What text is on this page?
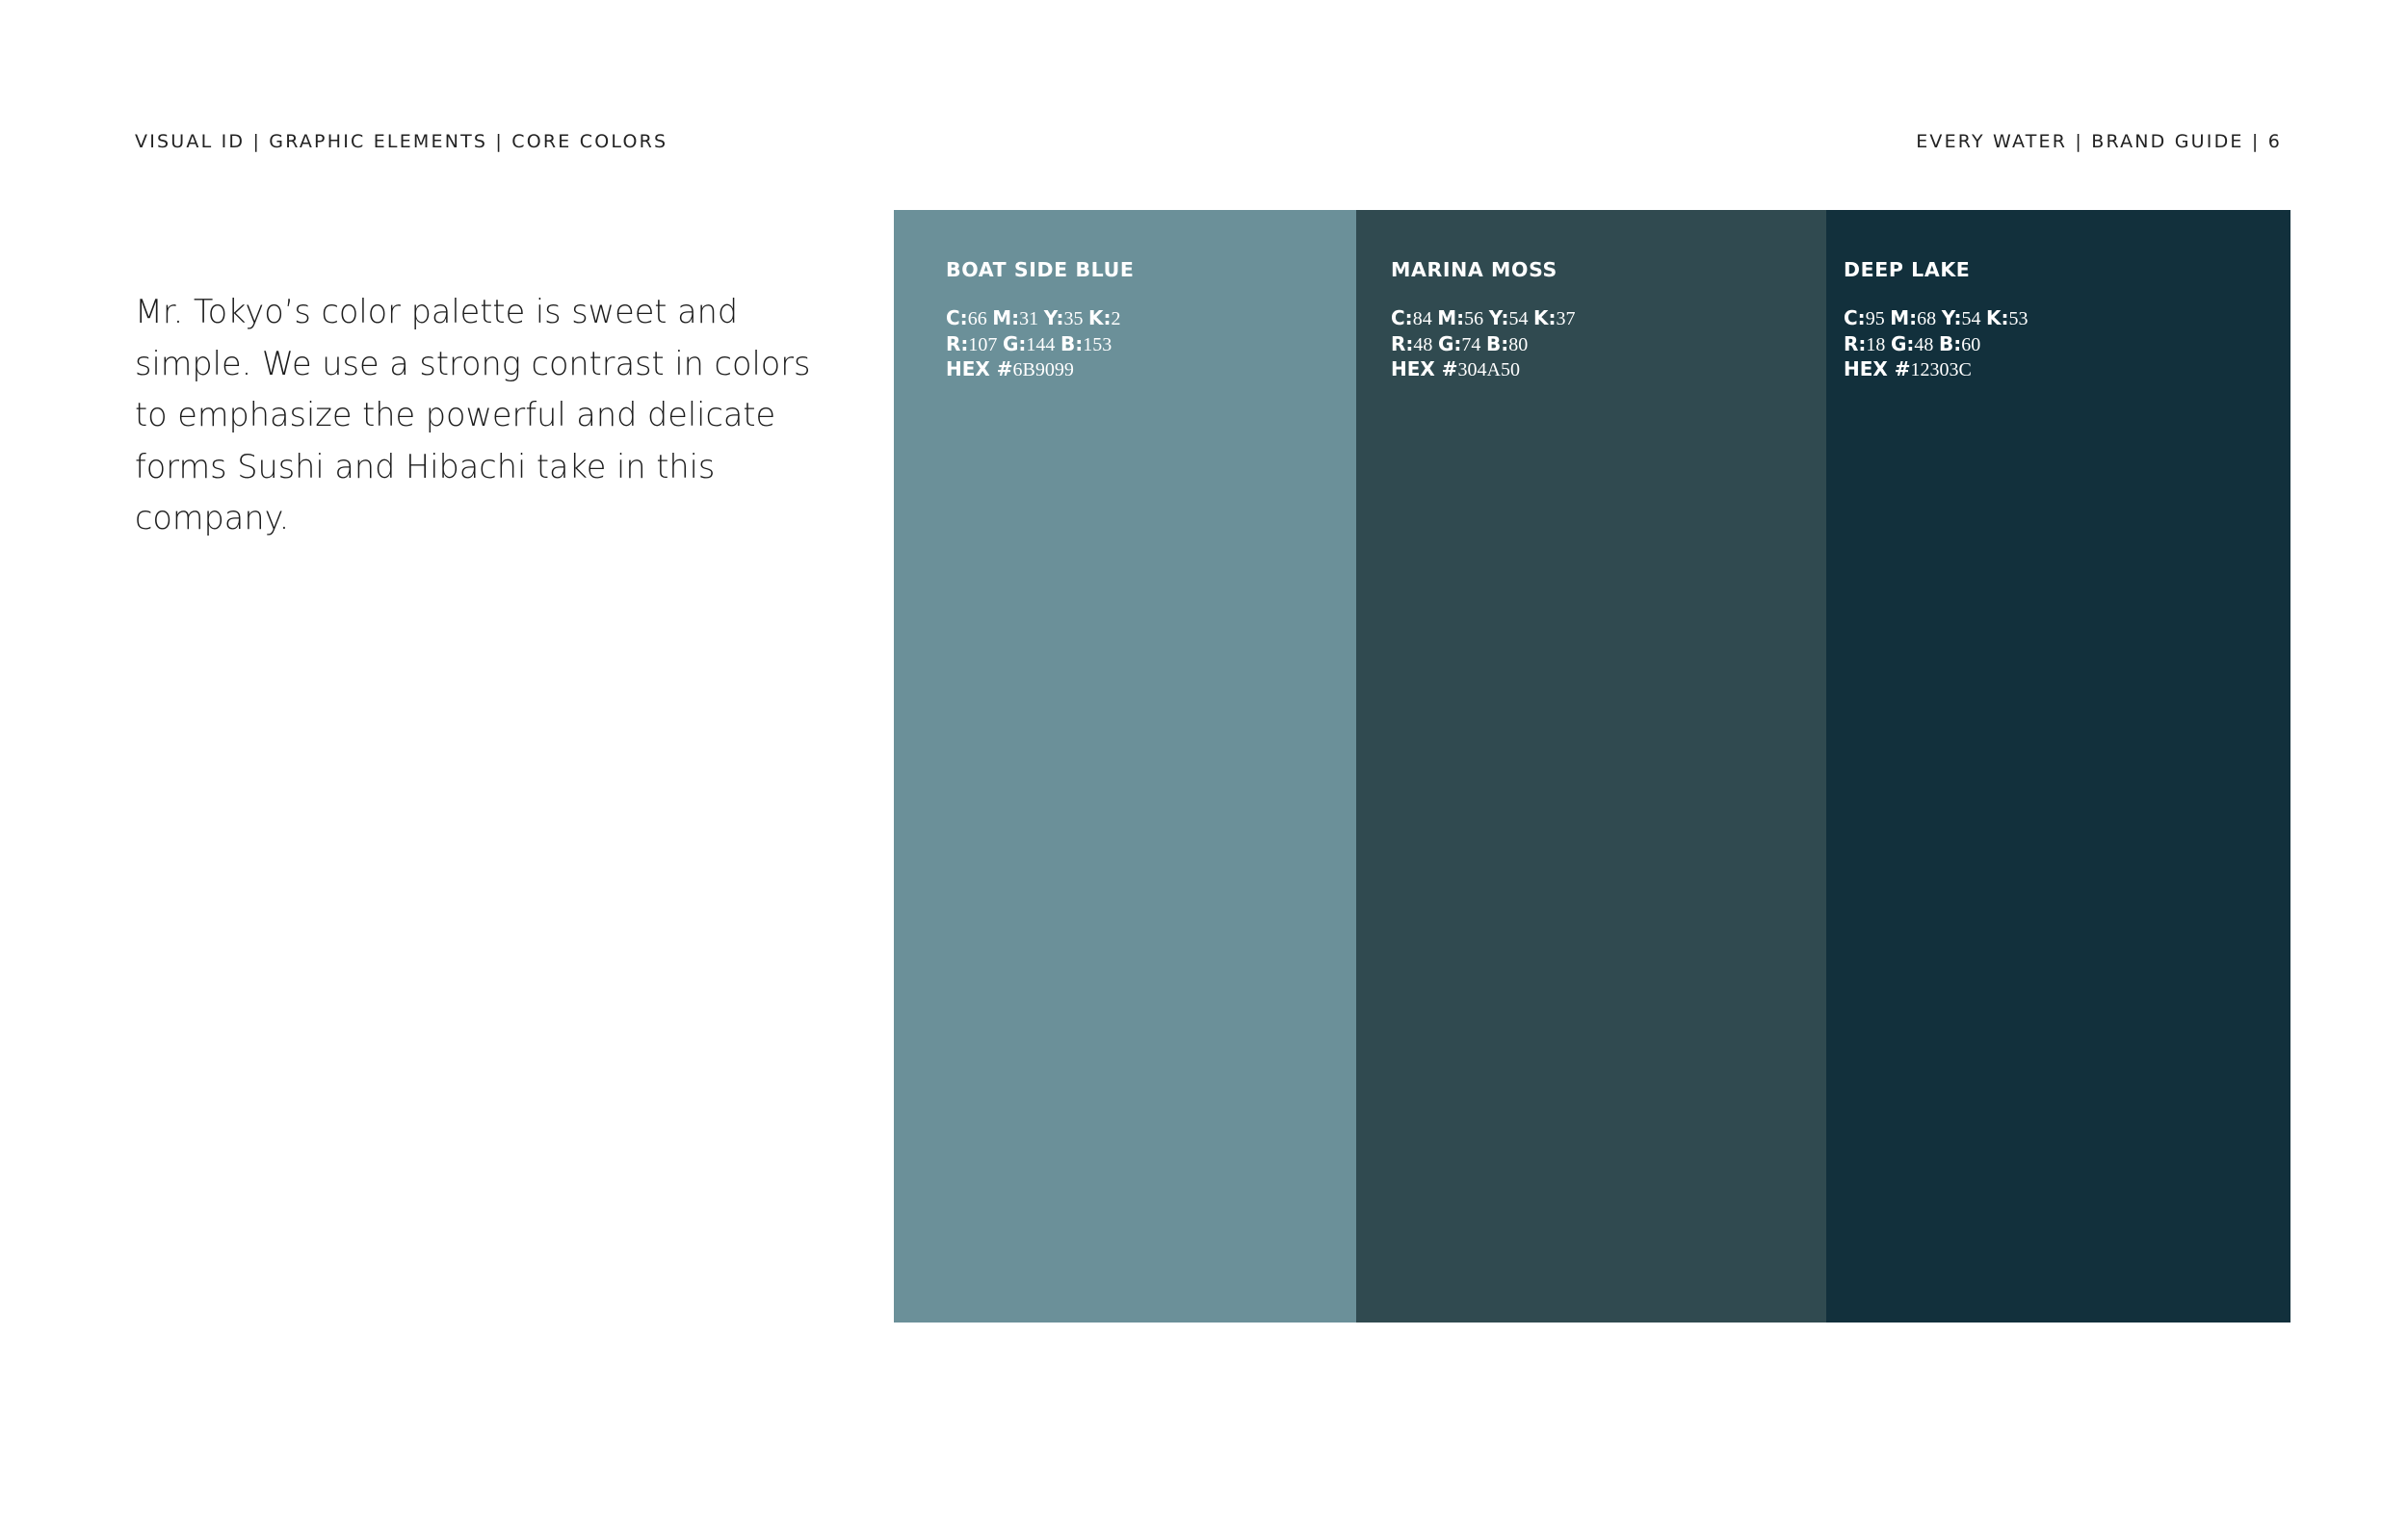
VISUAL ID | GRAPHIC ELEMENTS | CORE COLORS	EVERY WATER | BRAND GUIDE | 6
Mr. Tokyo’s color palette is sweet and simple. We use a strong contrast in colors to emphasize the powerful and delicate forms Sushi and Hibachi take in this company.
BOAT SIDE BLUE
C:66 M:31 Y:35 K:2
R:107 G:144 B:153
HEX #6B9099
MARINA MOSS
C:84 M:56 Y:54 K:37
R:48 G:74 B:80
HEX #304A50
DEEP LAKE
C:95 M:68 Y:54 K:53
R:18 G:48 B:60
HEX #12303C
